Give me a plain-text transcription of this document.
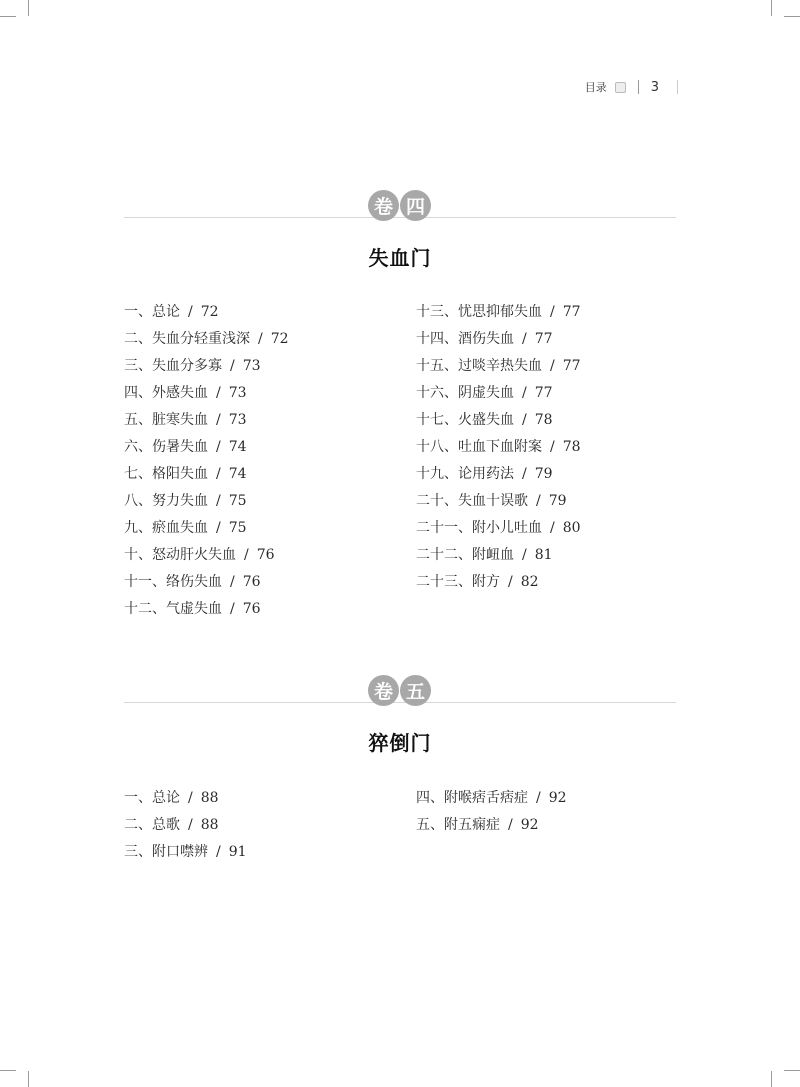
目录	3
卷 四
失血门
一、总论 / 72
二、失血分轻重浅深 / 72
三、失血分多寡 / 73
四、外感失血 / 73
五、脏寒失血 / 73
六、伤暑失血 / 74
七、格阳失血 / 74
八、努力失血 / 75
九、瘀血失血 / 75
十、怒动肝火失血 / 76
十一、络伤失血 / 76
十二、气虚失血 / 76
十三、忧思抑郁失血 / 77
十四、酒伤失血 / 77
十五、过啖辛热失血 / 77
十六、阴虚失血 / 77
十七、火盛失血 / 78
十八、吐血下血附案 / 78
十九、论用药法 / 79
二十、失血十误歌 / 79
二十一、附小儿吐血 / 80
二十二、附衄血 / 81
二十三、附方 / 82
卷 五
猝倒门
一、总论 / 88
二、总歌 / 88
三、附口噤辨 / 91
四、附喉痞舌痞症 / 92
五、附五痫症 / 92
